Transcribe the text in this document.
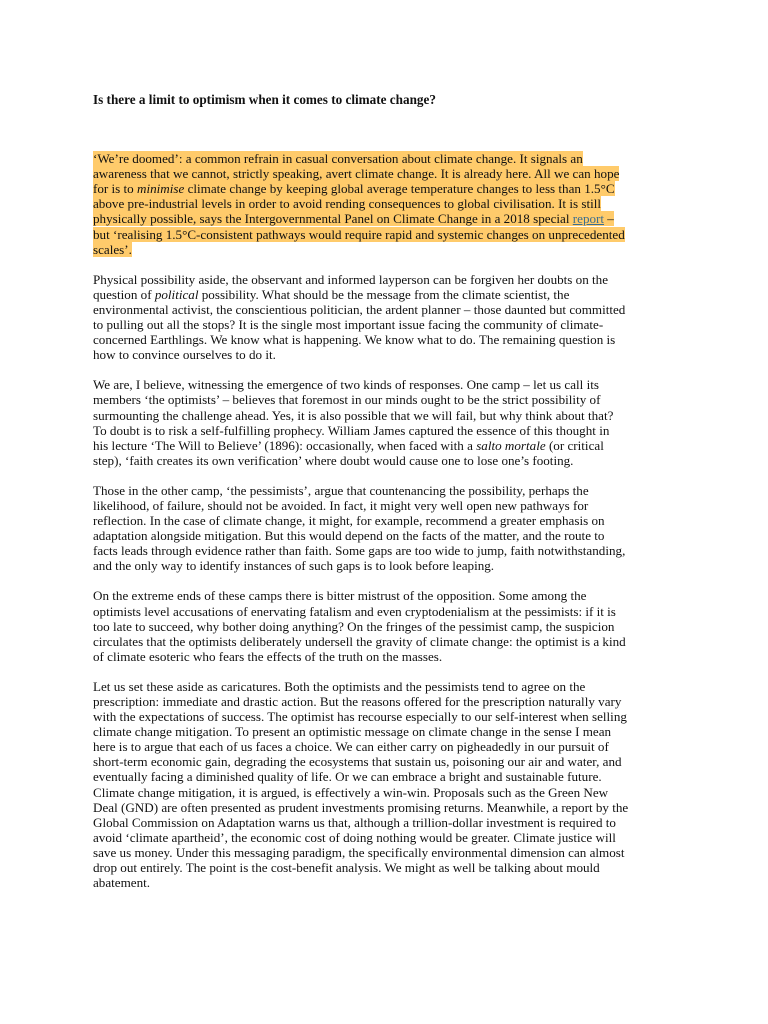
Is there a limit to optimism when it comes to climate change?
‘We’re doomed’: a common refrain in casual conversation about climate change. It signals an
awareness that we cannot, strictly speaking, avert climate change. It is already here. All we can hope
for is to minimise climate change by keeping global average temperature changes to less than 1.5°C
above pre-industrial levels in order to avoid rending consequences to global civilisation. It is still
physically possible, says the Intergovernmental Panel on Climate Change in a 2018 special report –
but ‘realising 1.5°C-consistent pathways would require rapid and systemic changes on unprecedented
scales’.
Physical possibility aside, the observant and informed layperson can be forgiven her doubts on the
question of political possibility. What should be the message from the climate scientist, the
environmental activist, the conscientious politician, the ardent planner – those daunted but committed
to pulling out all the stops? It is the single most important issue facing the community of climate-
concerned Earthlings. We know what is happening. We know what to do. The remaining question is
how to convince ourselves to do it.
We are, I believe, witnessing the emergence of two kinds of responses. One camp – let us call its
members ‘the optimists’ – believes that foremost in our minds ought to be the strict possibility of
surmounting the challenge ahead. Yes, it is also possible that we will fail, but why think about that?
To doubt is to risk a self-fulfilling prophecy. William James captured the essence of this thought in
his lecture ‘The Will to Believe’ (1896): occasionally, when faced with a salto mortale (or critical
step), ‘faith creates its own verification’ where doubt would cause one to lose one’s footing.
Those in the other camp, ‘the pessimists’, argue that countenancing the possibility, perhaps the
likelihood, of failure, should not be avoided. In fact, it might very well open new pathways for
reflection. In the case of climate change, it might, for example, recommend a greater emphasis on
adaptation alongside mitigation. But this would depend on the facts of the matter, and the route to
facts leads through evidence rather than faith. Some gaps are too wide to jump, faith notwithstanding,
and the only way to identify instances of such gaps is to look before leaping.
On the extreme ends of these camps there is bitter mistrust of the opposition. Some among the
optimists level accusations of enervating fatalism and even cryptodenialism at the pessimists: if it is
too late to succeed, why bother doing anything? On the fringes of the pessimist camp, the suspicion
circulates that the optimists deliberately undersell the gravity of climate change: the optimist is a kind
of climate esoteric who fears the effects of the truth on the masses.
Let us set these aside as caricatures. Both the optimists and the pessimists tend to agree on the
prescription: immediate and drastic action. But the reasons offered for the prescription naturally vary
with the expectations of success. The optimist has recourse especially to our self-interest when selling
climate change mitigation. To present an optimistic message on climate change in the sense I mean
here is to argue that each of us faces a choice. We can either carry on pigheadedly in our pursuit of
short-term economic gain, degrading the ecosystems that sustain us, poisoning our air and water, and
eventually facing a diminished quality of life. Or we can embrace a bright and sustainable future.
Climate change mitigation, it is argued, is effectively a win-win. Proposals such as the Green New
Deal (GND) are often presented as prudent investments promising returns. Meanwhile, a report by the
Global Commission on Adaptation warns us that, although a trillion-dollar investment is required to
avoid ‘climate apartheid’, the economic cost of doing nothing would be greater. Climate justice will
save us money. Under this messaging paradigm, the specifically environmental dimension can almost
drop out entirely. The point is the cost-benefit analysis. We might as well be talking about mould
abatement.
